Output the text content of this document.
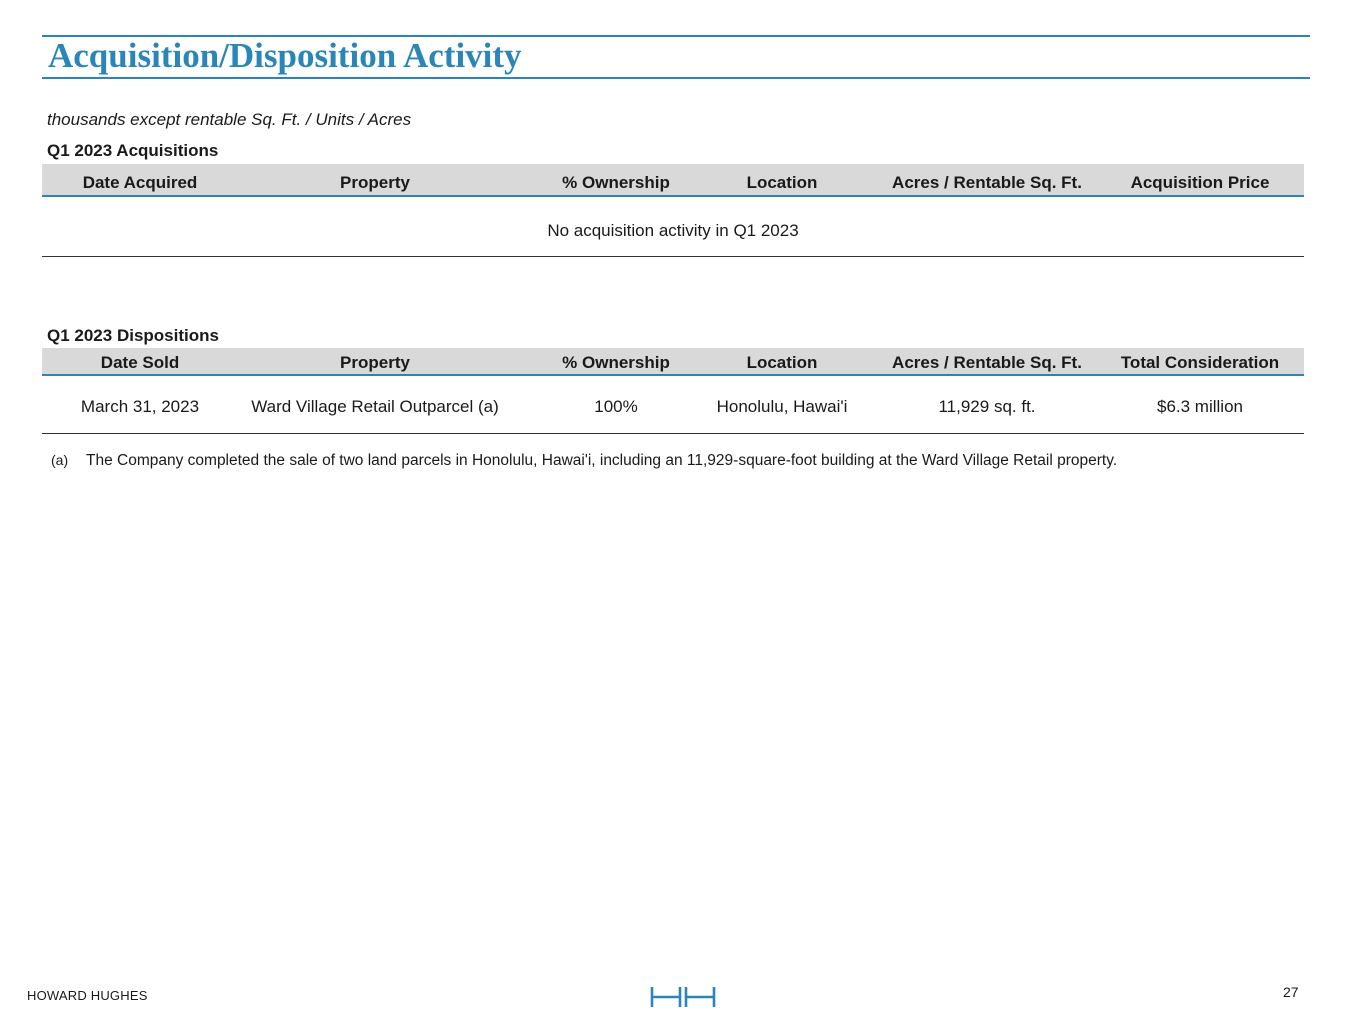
Acquisition/Disposition Activity
thousands except rentable Sq. Ft. / Units / Acres
Q1 2023 Acquisitions
Date Acquired	Property	% Ownership	Location	Acres / Rentable Sq. Ft.	Acquisition Price
No acquisition activity in Q1 2023
Q1 2023 Dispositions
Date Sold	Property	% Ownership	Location	Acres / Rentable Sq. Ft.	Total Consideration
March 31, 2023	Ward Village Retail Outparcel (a)	100%	Honolulu, Hawai'i	11,929 sq. ft.	$6.3 million
(a) The Company completed the sale of two land parcels in Honolulu, Hawai'i, including an 11,929-square-foot building at the Ward Village Retail property.
HOWARD HUGHES	27
